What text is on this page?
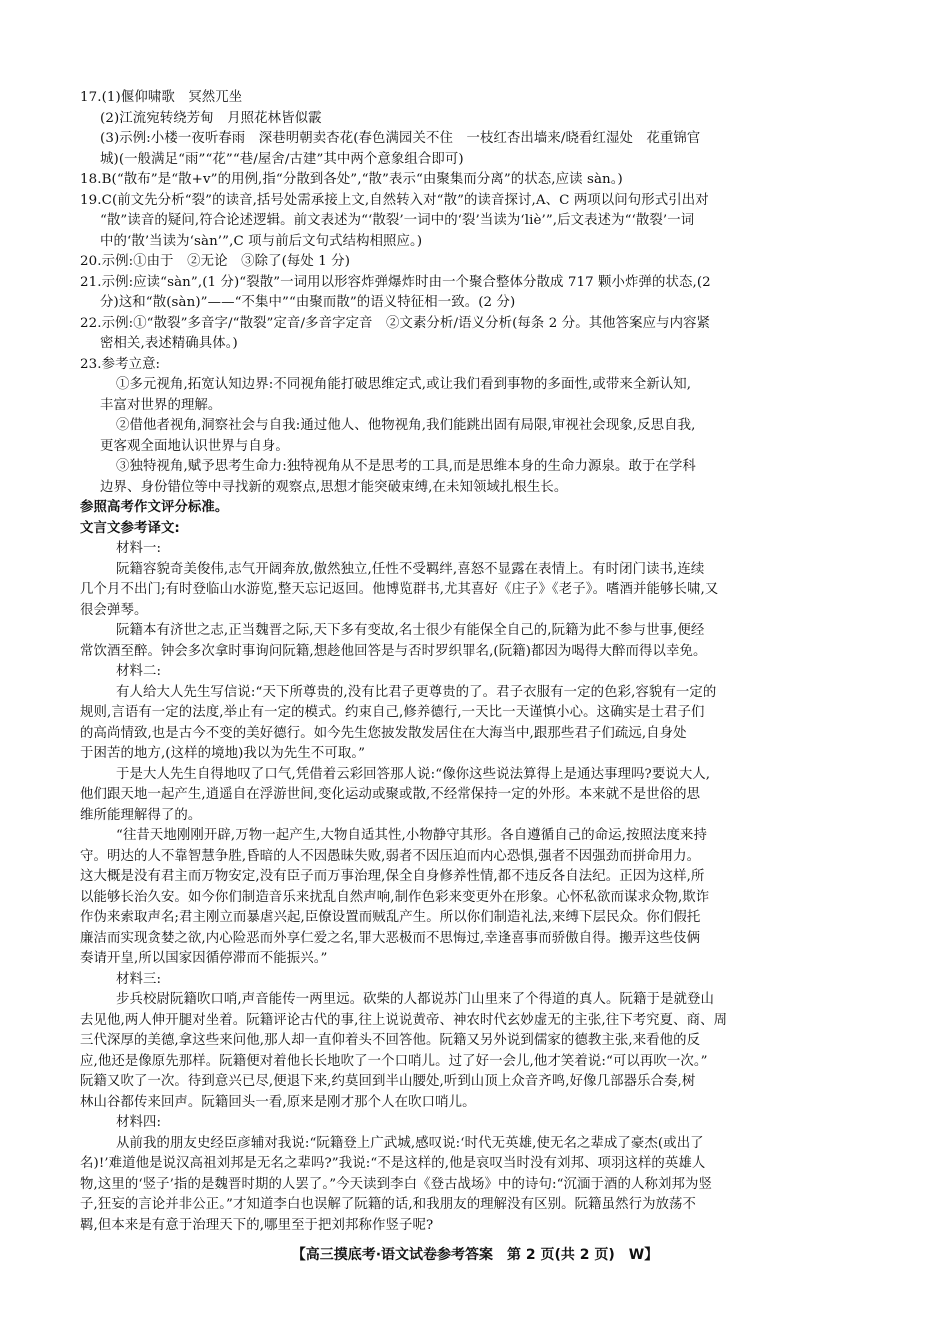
17.(1)偃仰啸歌　冥然兀坐
(2)江流宛转绕芳甸　月照花林皆似霰
(3)示例:小楼一夜听春雨　深巷明朝卖杏花(春色满园关不住　一枝红杏出墙来/晓看红湿处　花重锦官
城)(一般满足“雨”“花”“巷/屋舍/古建”其中两个意象组合即可)
18.B(“散布”是“散+v”的用例,指“分散到各处”,“散”表示“由聚集而分离”的状态,应读 sàn。)
19.C(前文先分析“裂”的读音,括号处需承接上文,自然转入对“散”的读音探讨,A、C 两项以问句形式引出对
“散”读音的疑问,符合论述逻辑。前文表述为“‘散裂’一词中的‘裂’当读为‘liè’”,后文表述为“‘散裂’一词
中的‘散’当读为‘sàn’”,C 项与前后文句式结构相照应。)
20.示例:①由于　②无论　③除了(每处 1 分)
21.示例:应读“sàn”,(1 分)“裂散”一词用以形容炸弹爆炸时由一个聚合整体分散成 717 颗小炸弹的状态,(2
分)这和“散(sàn)”——“不集中”“由聚而散”的语义特征相一致。(2 分)
22.示例:①“散裂”多音字/“散裂”定音/多音字定音　②文素分析/语义分析(每条 2 分。其他答案应与内容紧
密相关,表述精确具体。)
23.参考立意:
①多元视角,拓宽认知边界:不同视角能打破思维定式,或让我们看到事物的多面性,或带来全新认知,
丰富对世界的理解。
②借他者视角,洞察社会与自我:通过他人、他物视角,我们能跳出固有局限,审视社会现象,反思自我,
更客观全面地认识世界与自身。
③独特视角,赋予思考生命力:独特视角从不是思考的工具,而是思维本身的生命力源泉。敢于在学科
边界、身份错位等中寻找新的观察点,思想才能突破束缚,在未知领域扎根生长。
参照高考作文评分标准。
文言文参考译文:
材料一:
阮籍容貌奇美俊伟,志气开阔奔放,傲然独立,任性不受羁绊,喜怒不显露在表情上。有时闭门读书,连续
几个月不出门;有时登临山水游览,整天忘记返回。他博览群书,尤其喜好《庄子》《老子》。嗜酒并能够长啸,又
很会弹琴。
阮籍本有济世之志,正当魏晋之际,天下多有变故,名士很少有能保全自己的,阮籍为此不参与世事,便经
常饮酒至醉。钟会多次拿时事询问阮籍,想趁他回答是与否时罗织罪名,(阮籍)都因为喝得大醉而得以幸免。
材料二:
有人给大人先生写信说:“天下所尊贵的,没有比君子更尊贵的了。君子衣服有一定的色彩,容貌有一定的
规则,言语有一定的法度,举止有一定的模式。约束自己,修养德行,一天比一天谨慎小心。这确实是士君子们
的高尚情致,也是古今不变的美好德行。如今先生您披发散发居住在大海当中,跟那些君子们疏远,自身处
于困苦的地方,(这样的境地)我以为先生不可取。”
于是大人先生自得地叹了口气,凭借着云彩回答那人说:“像你这些说法算得上是通达事理吗?要说大人,
他们跟天地一起产生,逍遥自在浮游世间,变化运动或聚或散,不经常保持一定的外形。本来就不是世俗的思
维所能理解得了的。
“往昔天地刚刚开辟,万物一起产生,大物自适其性,小物静守其形。各自遵循自己的命运,按照法度来持
守。明达的人不靠智慧争胜,昏暗的人不因愚昧失败,弱者不因压迫而内心恐惧,强者不因强劲而拼命用力。
这大概是没有君主而万物安定,没有臣子而万事治理,保全自身修养性情,都不违反各自法纪。正因为这样,所
以能够长治久安。如今你们制造音乐来扰乱自然声响,制作色彩来变更外在形象。心怀私欲而谋求众物,欺诈
作伪来索取声名;君主刚立而暴虐兴起,臣僚设置而贼乱产生。所以你们制造礼法,来缚下层民众。你们假托
廉洁而实现贪婪之欲,内心险恶而外享仁爱之名,罪大恶极而不思悔过,幸逢喜事而骄傲自得。搬弄这些伎俩
奏请开皇,所以国家因循停滞而不能振兴。”
材料三:
步兵校尉阮籍吹口哨,声音能传一两里远。砍柴的人都说苏门山里来了个得道的真人。阮籍于是就登山
去见他,两人伸开腿对坐着。阮籍评论古代的事,往上说说黄帝、神农时代玄妙虚无的主张,往下考究夏、商、周
三代深厚的美德,拿这些来问他,那人却一直仰着头不回答他。阮籍又另外说到儒家的德教主张,来看他的反
应,他还是像原先那样。阮籍便对着他长长地吹了一个口哨儿。过了好一会儿,他才笑着说:“可以再吹一次。”
阮籍又吹了一次。待到意兴已尽,便退下来,约莫回到半山腰处,听到山顶上众音齐鸣,好像几部器乐合奏,树
林山谷都传来回声。阮籍回头一看,原来是刚才那个人在吹口哨儿。
材料四:
从前我的朋友史经臣彦辅对我说:“阮籍登上广武城,感叹说:‘时代无英雄,使无名之辈成了豪杰(或出了
名)!’难道他是说汉高祖刘邦是无名之辈吗?”我说:“不是这样的,他是哀叹当时没有刘邦、项羽这样的英雄人
物,这里的‘竖子’指的是魏晋时期的人罢了。”今天读到李白《登古战场》中的诗句:“沉湎于酒的人称刘邦为竖
子,狂妄的言论并非公正。”才知道李白也误解了阮籍的话,和我朋友的理解没有区别。阮籍虽然行为放荡不
羁,但本来是有意于治理天下的,哪里至于把刘邦称作竖子呢?
【高三摸底考·语文试卷参考答案　第 2 页(共 2 页)　W】
